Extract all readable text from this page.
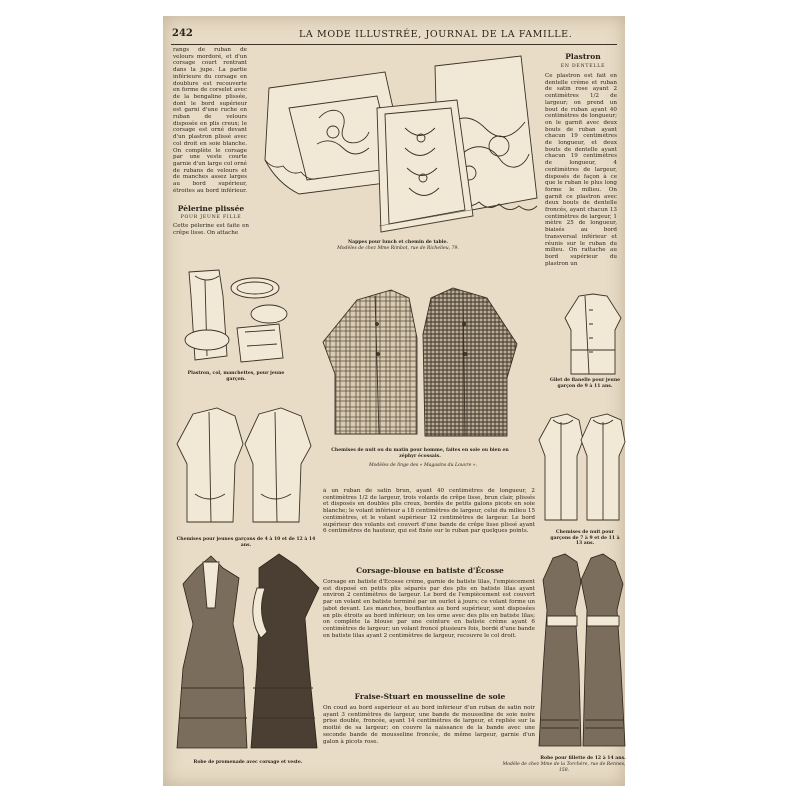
242	LA MODE ILLUSTRÉE, JOURNAL DE LA FAMILLE.
rangs de ruban de velours mordoré, et d'un corsage court rentrant dans la jupe. La partie inférieure du corsage en doublure est recouverte en forme de corselet avec de la bengaline plissée, dont le bord supérieur est garni d'une ruche en ruban de velours disposée en plis creux; le corsage est orné devant d'un plastron plissé avec col droit en soie blanche. On complète le corsage par une veste courte garnie d'un large col orné de rubans de velours et de manches assez larges au bord supérieur, étroites au bord inférieur.
Pèlerine plissée
POUR JEUNE FILLE
Cette pèlerine est faite en crêpe lisse. On attache
Plastron
EN DENTELLE
Ce plastron est fait en dentelle crème et ruban de satin rose ayant 2 centimètres 1/2 de largeur; on prend un bout de ruban ayant 40 centimètres de longueur; on le garnit avec deux bouts de ruban ayant chacun 19 centimètres de longueur, et deux bouts de dentelle ayant chacun 19 centimètres de longueur, 4 centimètres de largeur, disposés de façon à ce que le ruban le plus long forme le milieu. On garnit ce plastron avec deux bouts de dentelle froncés, ayant chacun 13 centimètres de largeur, 1 mètre 25 de longueur, biaisés au bord transversal inférieur et réunis sur le ruban du milieu. On rattache au bord supérieur du plastron un
Nappes pour lunch et chemin de table.
Modèles de chez Mme Rimbot, rue de Richelieu, 79.
Plastron, col, manchettes, pour jeune garçon.
Chemises de nuit ou du matin pour homme, faites en soie ou bien en zéphyr écossais.
Modèles de linge des « Magasins du Louvre ».
Gilet de flanelle pour jeune garçon de 9 à 11 ans.
Chemises pour jeunes garçons de 4 à 10 et de 12 à 14 ans.
Chemises de nuit pour garçons de 7 à 9 et de 11 à 13 ans.
à un ruban de satin brun, ayant 40 centimètres de longueur, 2 centimètres 1/2 de largeur, trois volants de crêpe lisse, brun clair, plissés et disposés en doubles plis creux, bordés de petits galons picots en soie blanche; le volant inférieur a 18 centimètres de largeur, celui du milieu 15 centimètres, et le volant supérieur 12 centimètres de largeur. Le bord supérieur des volants est couvert d'une bande de crêpe lisse plissé ayant 6 centimètres de hauteur, qui est fixée sur le ruban par quelques points.
Corsage-blouse en batiste d'Écosse
Corsage en batiste d'Écosse crème, garnie de batiste lilas, l'empiècement est disposé en petits plis séparés par des plis en batiste lilas ayant environ 2 centimètres de largeur. Le bord de l'empiècement est couvert par un volant en batiste terminé par un ourlet à jours; ce volant forme un jabot devant. Les manches, bouffantes au bord supérieur, sont disposées en plis étroits au bord inférieur; on les orne avec des plis en batiste lilas; on complète la blouse par une ceinture en batiste crème ayant 6 centimètres de largeur; un volant froncé plusieurs fois, bordé d'une bande en batiste lilas ayant 2 centimètres de largeur, recouvre le col droit.
Fraise-Stuart en mousseline de soie
On coud au bord supérieur et au bord inférieur d'un ruban de satin noir ayant 3 centimètres de largeur, une bande de mousseline de soie noire prise double, froncée, ayant 14 centimètres de largeur, et repliée sur la moitié de sa largeur; on couvre la naissance de la bande avec une seconde bande de mousseline froncée, de même largeur, garnie d'un galon à picots rose.
Robe de promenade avec corsage et veste.
Robe pour fillette de 12 à 14 ans.
Modèle de chez Mme de la Torchère, rue de Rennes, 158.
